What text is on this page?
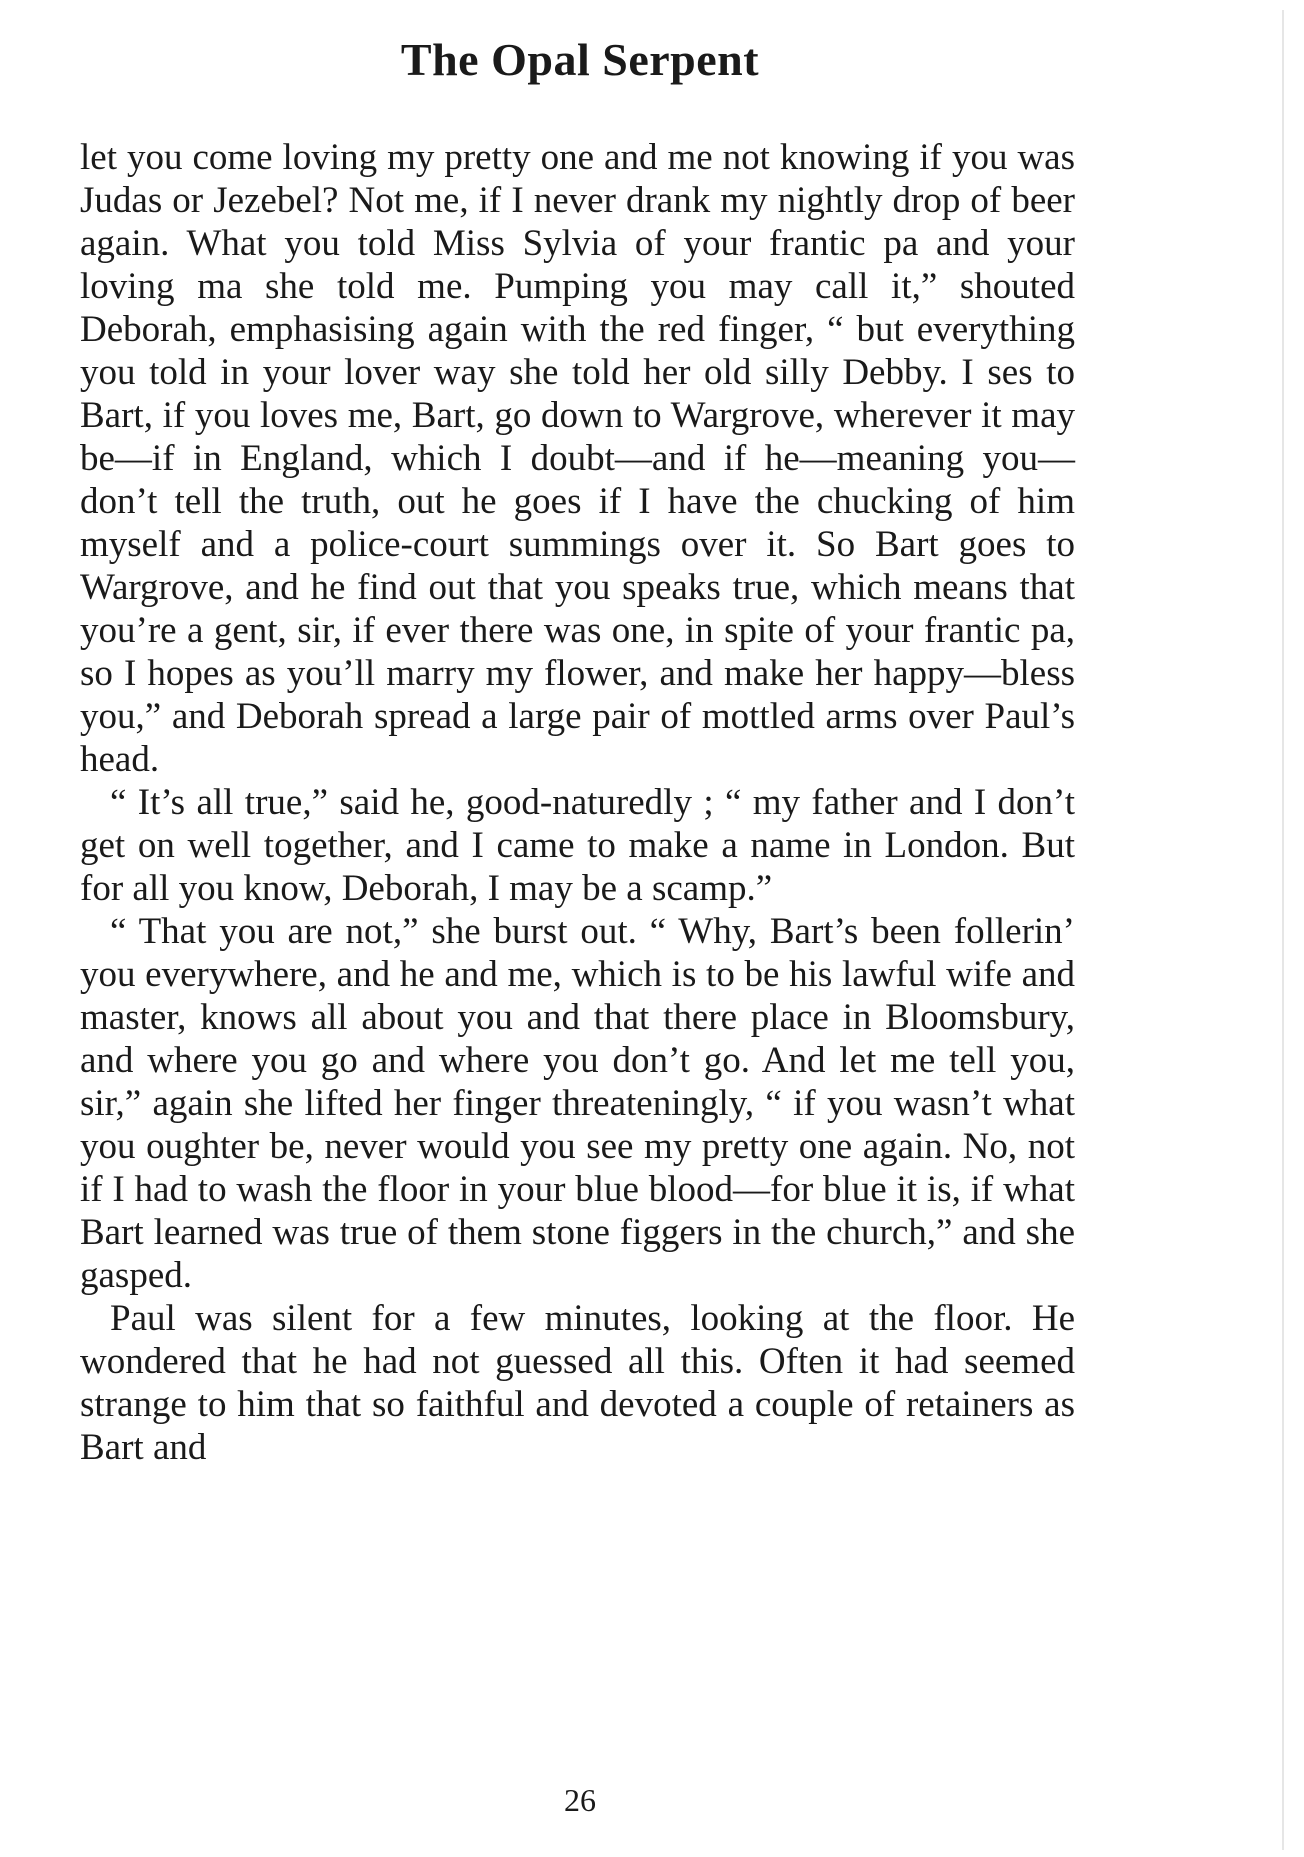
The Opal Serpent

let you come loving my pretty one and me not knowing if you was Judas or Jezebel? Not me, if I never drank my nightly drop of beer again. What you told Miss Sylvia of your frantic pa and your loving ma she told me. Pumping you may call it,” shouted Deborah, emphasising again with the red finger, “ but everything you told in your lover way she told her old silly Debby. I ses to Bart, if you loves me, Bart, go down to Wargrove, wherever it may be—if in England, which I doubt—and if he—meaning you—don’t tell the truth, out he goes if I have the chucking of him myself and a police-court summings over it. So Bart goes to Wargrove, and he find out that you speaks true, which means that you’re a gent, sir, if ever there was one, in spite of your frantic pa, so I hopes as you’ll marry my flower, and make her happy—bless you,” and Deborah spread a large pair of mottled arms over Paul’s head.

“ It’s all true,” said he, good-naturedly ; “ my father and I don’t get on well together, and I came to make a name in London. But for all you know, Deborah, I may be a scamp.”

“ That you are not,” she burst out. “ Why, Bart’s been follerin’ you everywhere, and he and me, which is to be his lawful wife and master, knows all about you and that there place in Bloomsbury, and where you go and where you don’t go. And let me tell you, sir,” again she lifted her finger threateningly, “ if you wasn’t what you oughter be, never would you see my pretty one again. No, not if I had to wash the floor in your blue blood—for blue it is, if what Bart learned was true of them stone figgers in the church,” and she gasped.

Paul was silent for a few minutes, looking at the floor. He wondered that he had not guessed all this. Often it had seemed strange to him that so faithful and devoted a couple of retainers as Bart and

26
